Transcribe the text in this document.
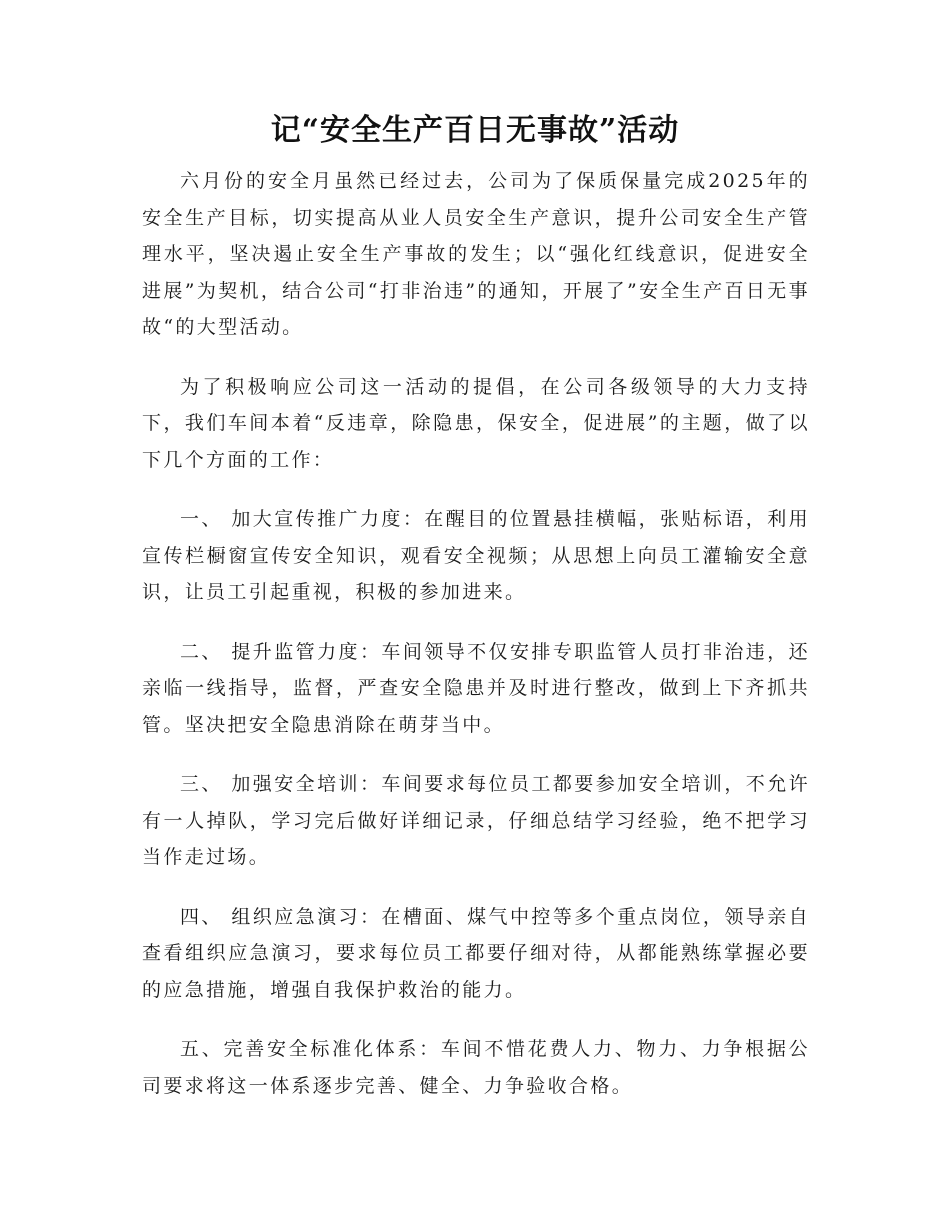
记“安全生产百日无事故”活动

六月份的安全月虽然已经过去，公司为了保质保量完成2025年的安全生产目标，切实提高从业人员安全生产意识，提升公司安全生产管理水平，坚决遏止安全生产事故的发生；以“强化红线意识，促进安全进展”为契机，结合公司“打非治违”的通知，开展了”安全生产百日无事故“的大型活动。

为了积极响应公司这一活动的提倡，在公司各级领导的大力支持下，我们车间本着“反违章，除隐患，保安全，促进展”的主题，做了以下几个方面的工作：

一、 加大宣传推广力度：在醒目的位置悬挂横幅，张贴标语，利用宣传栏橱窗宣传安全知识，观看安全视频；从思想上向员工灌输安全意识，让员工引起重视，积极的参加进来。

二、 提升监管力度：车间领导不仅安排专职监管人员打非治违，还亲临一线指导，监督，严查安全隐患并及时进行整改，做到上下齐抓共管。坚决把安全隐患消除在萌芽当中。

三、 加强安全培训：车间要求每位员工都要参加安全培训，不允许有一人掉队，学习完后做好详细记录，仔细总结学习经验，绝不把学习当作走过场。

四、 组织应急演习：在槽面、煤气中控等多个重点岗位，领导亲自查看组织应急演习，要求每位员工都要仔细对待，从都能熟练掌握必要的应急措施，增强自我保护救治的能力。

五、完善安全标准化体系：车间不惜花费人力、物力、力争根据公司要求将这一体系逐步完善、健全、力争验收合格。
